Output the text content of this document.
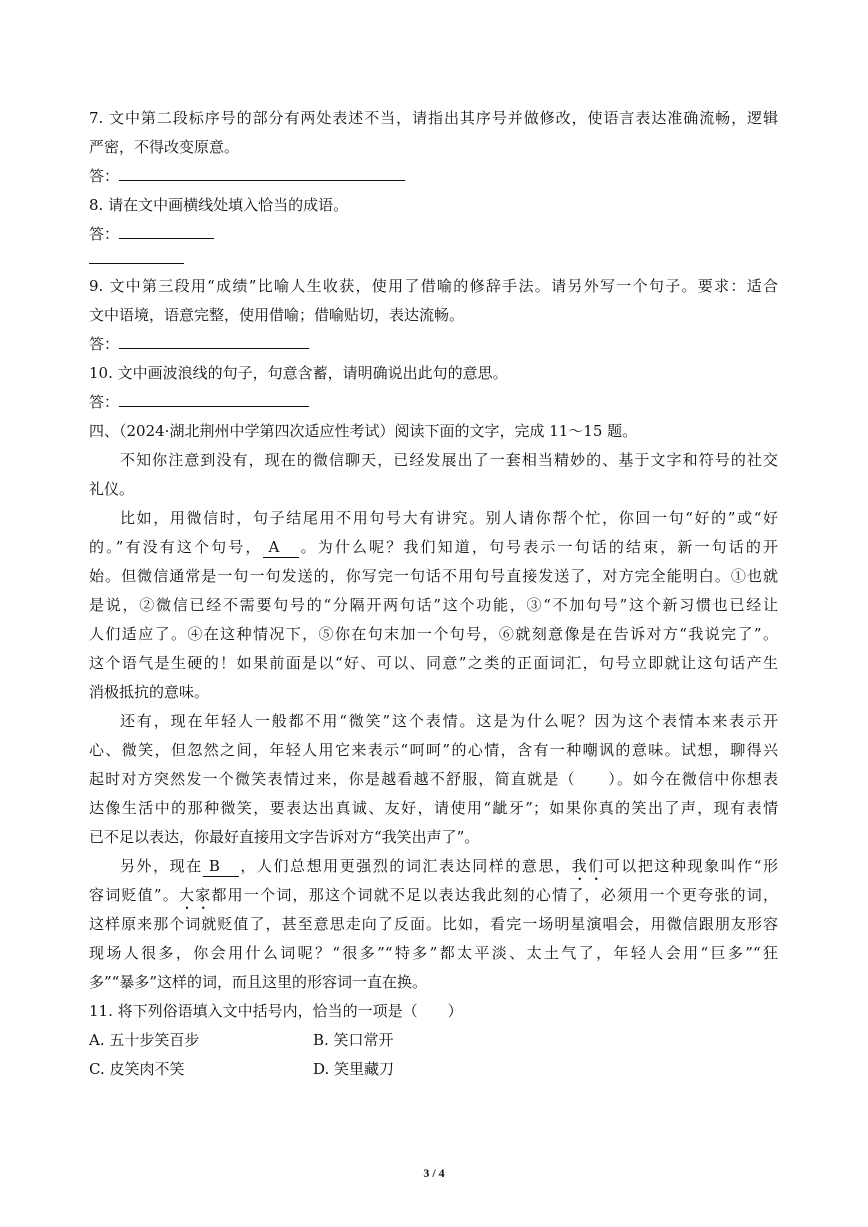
7. 文中第二段标序号的部分有两处表述不当，请指出其序号并做修改，使语言表达准确流畅，逻辑
严密，不得改变原意。
答：
8. 请在文中画横线处填入恰当的成语。
答：
9. 文中第三段用“成绩”比喻人生收获，使用了借喻的修辞手法。请另外写一个句子。要求：适合
文中语境，语意完整，使用借喻；借喻贴切，表达流畅。
答：
10. 文中画波浪线的句子，句意含蓄，请明确说出此句的意思。
答：
四、（2024·湖北荆州中学第四次适应性考试）阅读下面的文字，完成 11～15 题。
不知你注意到没有，现在的微信聊天，已经发展出了一套相当精妙的、基于文字和符号的社交
礼仪。
比如，用微信时，句子结尾用不用句号大有讲究。别人请你帮个忙，你回一句“好的”或“好
的。”有没有这个句号， A 。为什么呢？我们知道，句号表示一句话的结束，新一句话的开
始。但微信通常是一句一句发送的，你写完一句话不用句号直接发送了，对方完全能明白。①也就
是说，②微信已经不需要句号的“分隔开两句话”这个功能，③“不加句号”这个新习惯也已经让
人们适应了。④在这种情况下，⑤你在句末加一个句号，⑥就刻意像是在告诉对方“我说完了”。
这个语气是生硬的！如果前面是以“好、可以、同意”之类的正面词汇，句号立即就让这句话产生
消极抵抗的意味。
还有，现在年轻人一般都不用“微笑”这个表情。这是为什么呢？因为这个表情本来表示开
心、微笑，但忽然之间，年轻人用它来表示“呵呵”的心情，含有一种嘲讽的意味。试想，聊得兴
起时对方突然发一个微笑表情过来，你是越看越不舒服，简直就是（　　）。如今在微信中你想表
达像生活中的那种微笑，要表达出真诚、友好，请使用“龇牙”；如果你真的笑出了声，现有表情
已不足以表达，你最好直接用文字告诉对方“我笑出声了”。
另外，现在 B ，人们总想用更强烈的词汇表达同样的意思，我们可以把这种现象叫作“形
容词贬值”。大家都用一个词，那这个词就不足以表达我此刻的心情了，必须用一个更夸张的词，
这样原来那个词就贬值了，甚至意思走向了反面。比如，看完一场明星演唱会，用微信跟朋友形容
现场人很多，你会用什么词呢？“很多”“特多”都太平淡、太土气了，年轻人会用“巨多”“狂
多”“暴多”这样的词，而且这里的形容词一直在换。
11. 将下列俗语填入文中括号内，恰当的一项是（　　）
A. 五十步笑百步	B. 笑口常开
C. 皮笑肉不笑	D. 笑里藏刀
3 / 4
